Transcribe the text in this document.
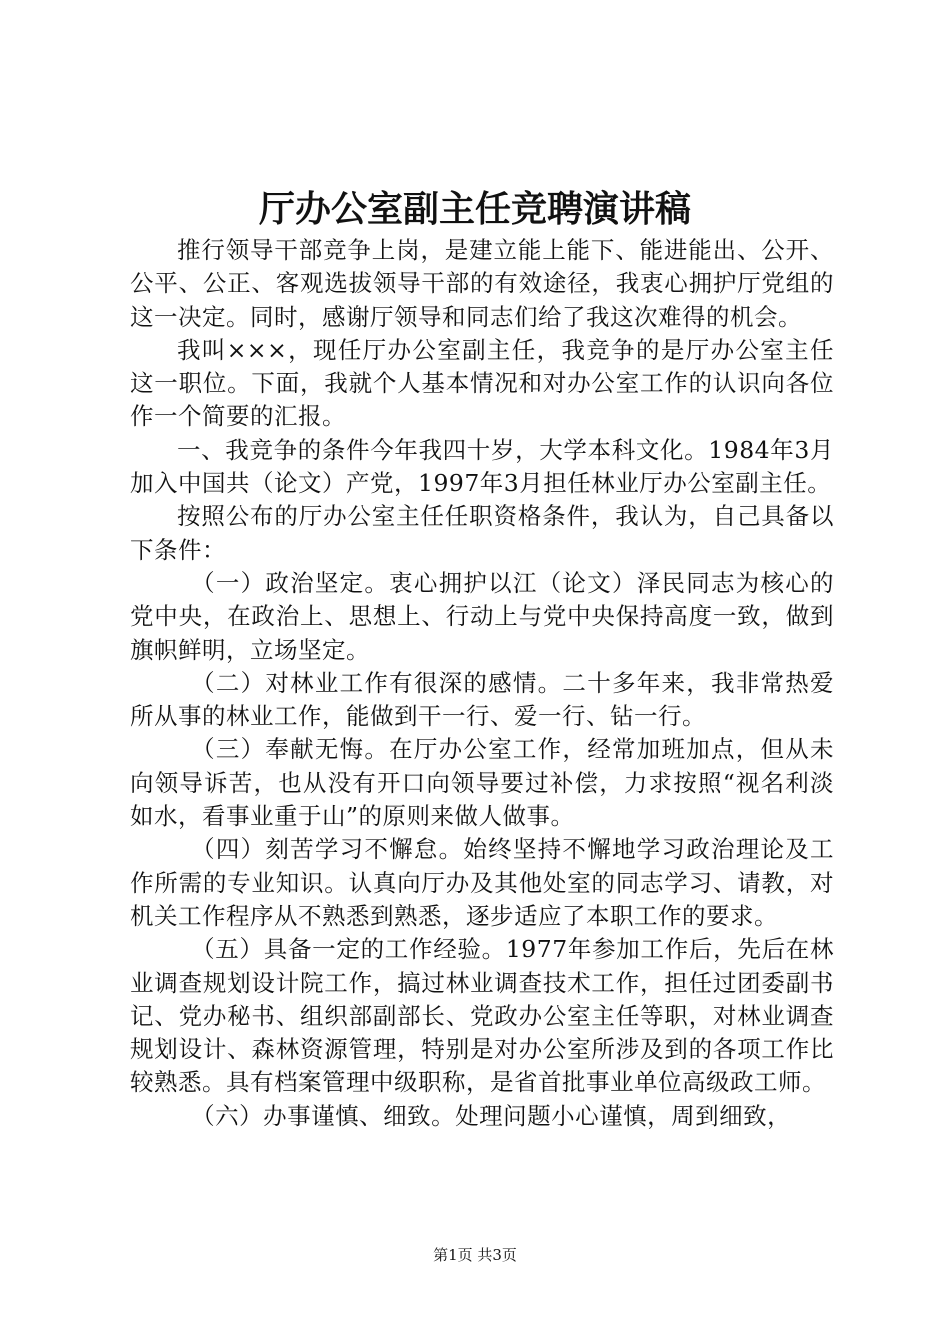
厅办公室副主任竞聘演讲稿

推行领导干部竞争上岗，是建立能上能下、能进能出、公开、公平、公正、客观选拔领导干部的有效途径，我衷心拥护厅党组的这一决定。同时，感谢厅领导和同志们给了我这次难得的机会。

我叫×××，现任厅办公室副主任，我竞争的是厅办公室主任这一职位。下面，我就个人基本情况和对办公室工作的认识向各位作一个简要的汇报。

一、我竞争的条件今年我四十岁，大学本科文化。1984年3月加入中国共（论文）产党，1997年3月担任林业厅办公室副主任。

按照公布的厅办公室主任任职资格条件，我认为，自己具备以下条件：

（一）政治坚定。衷心拥护以江（论文）泽民同志为核心的党中央，在政治上、思想上、行动上与党中央保持高度一致，做到旗帜鲜明，立场坚定。

（二）对林业工作有很深的感情。二十多年来，我非常热爱所从事的林业工作，能做到干一行、爱一行、钻一行。

（三）奉献无悔。在厅办公室工作，经常加班加点，但从未向领导诉苦，也从没有开口向领导要过补偿，力求按照“视名利淡如水，看事业重于山”的原则来做人做事。

（四）刻苦学习不懈怠。始终坚持不懈地学习政治理论及工作所需的专业知识。认真向厅办及其他处室的同志学习、请教，对机关工作程序从不熟悉到熟悉，逐步适应了本职工作的要求。

（五）具备一定的工作经验。1977年参加工作后，先后在林业调查规划设计院工作，搞过林业调查技术工作，担任过团委副书记、党办秘书、组织部副部长、党政办公室主任等职，对林业调查规划设计、森林资源管理，特别是对办公室所涉及到的各项工作比较熟悉。具有档案管理中级职称，是省首批事业单位高级政工师。

（六）办事谨慎、细致。处理问题小心谨慎，周到细致，

第1页 共3页
